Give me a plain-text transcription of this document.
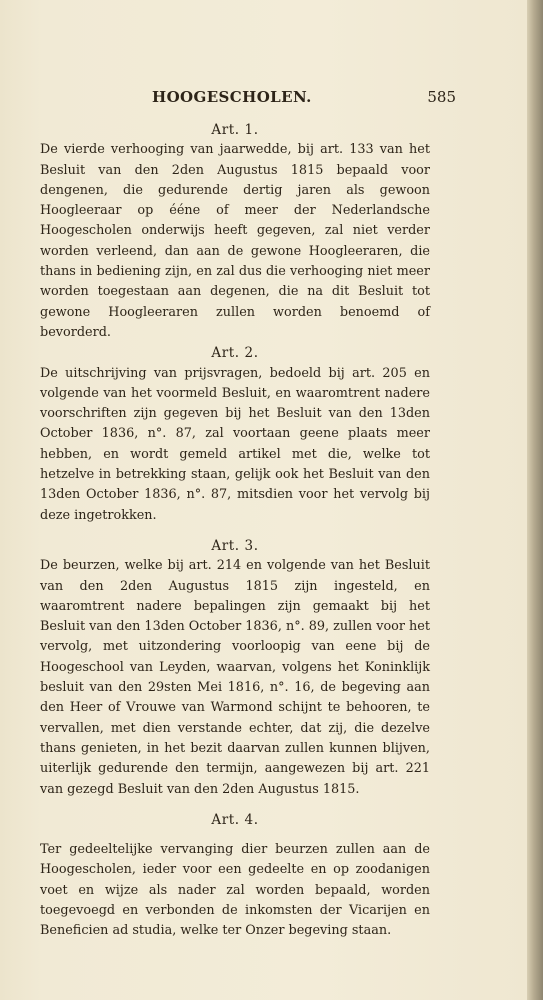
HOOGESCHOLEN.	585

Art. 1.

De vierde verhooging van jaarwedde, bij art. 133 van het Besluit van den 2den Augustus 1815 bepaald voor dengenen, die gedurende dertig jaren als gewoon Hoogleeraar op ééne of meer der Nederlandsche Hoogescholen onderwijs heeft gegeven, zal niet verder worden verleend, dan aan de gewone Hoogleeraren, die thans in bediening zijn, en zal dus die verhooging niet meer worden toegestaan aan degenen, die na dit Besluit tot gewone Hoogleeraren zullen worden benoemd of bevorderd.

Art. 2.

De uitschrijving van prijsvragen, bedoeld bij art. 205 en volgende van het voormeld Besluit, en waaromtrent nadere voorschriften zijn gegeven bij het Besluit van den 13den October 1836, n°. 87, zal voortaan geene plaats meer hebben, en wordt gemeld artikel met die, welke tot hetzelve in betrekking staan, gelijk ook het Besluit van den 13den October 1836, n°. 87, mitsdien voor het vervolg bij deze ingetrokken.

Art. 3.

De beurzen, welke bij art. 214 en volgende van het Besluit van den 2den Augustus 1815 zijn ingesteld, en waaromtrent nadere bepalingen zijn gemaakt bij het Besluit van den 13den October 1836, n°. 89, zullen voor het vervolg, met uitzondering voorloopig van eene bij de Hoogeschool van Leyden, waarvan, volgens het Koninklijk besluit van den 29sten Mei 1816, n°. 16, de begeving aan den Heer of Vrouwe van Warmond schijnt te behooren, te vervallen, met dien verstande echter, dat zij, die dezelve thans genieten, in het bezit daarvan zullen kunnen blijven, uiterlijk gedurende den termijn, aangewezen bij art. 221 van gezegd Besluit van den 2den Augustus 1815.

Art. 4.

Ter gedeeltelijke vervanging dier beurzen zullen aan de Hoogescholen, ieder voor een gedeelte en op zoodanigen voet en wijze als nader zal worden bepaald, worden toegevoegd en verbonden de inkomsten der Vicarijen en Beneficien ad studia, welke ter Onzer begeving staan.
